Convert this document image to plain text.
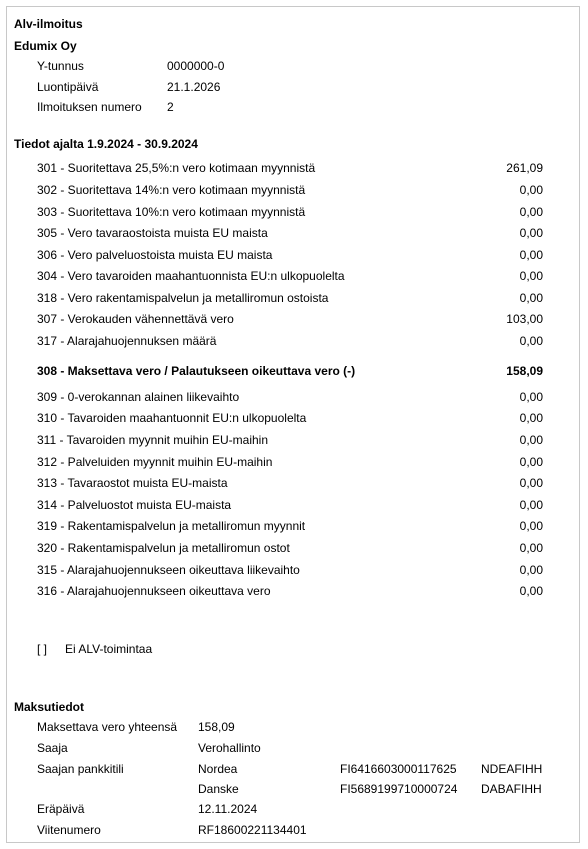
Alv-ilmoitus
Edumix Oy
Y-tunnus	0000000-0
Luontipäivä	21.1.2026
Ilmoituksen numero 2
Tiedot ajalta 1.9.2024 - 30.9.2024
301 - Suoritettava 25,5%:n vero kotimaan myynnistä	261,09
302 - Suoritettava 14%:n vero kotimaan myynnistä	0,00
303 - Suoritettava 10%:n vero kotimaan myynnistä	0,00
305 - Vero tavaraostoista muista EU maista	0,00
306 - Vero palveluostoista muista EU maista	0,00
304 - Vero tavaroiden maahantuonnista EU:n ulkopuolelta	0,00
318 - Vero rakentamispalvelun ja metalliromun ostoista	0,00
307 - Verokauden vähennettävä vero	103,00
317 - Alarajahuojennuksen määrä	0,00
308 - Maksettava vero / Palautukseen oikeuttava vero (-)	158,09
309 - 0-verokannan alainen liikevaihto	0,00
310 - Tavaroiden maahantuonnit EU:n ulkopuolelta	0,00
311 - Tavaroiden myynnit muihin EU-maihin	0,00
312 - Palveluiden myynnit muihin EU-maihin	0,00
313 - Tavaraostot muista EU-maista	0,00
314 - Palveluostot muista EU-maista	0,00
319 - Rakentamispalvelun ja metalliromun myynnit	0,00
320 - Rakentamispalvelun ja metalliromun ostot	0,00
315 - Alarajahuojennukseen oikeuttava liikevaihto	0,00
316 - Alarajahuojennukseen oikeuttava vero	0,00
[ ] Ei ALV-toimintaa
Maksutiedot
Maksettava vero yhteensä 158,09
Saaja	Verohallinto
Saajan pankkitili	Nordea	FI6416603000117625 NDEAFIHH
Danske	FI5689199710000724 DABAFIHH
Eräpäivä	12.11.2024
Viitenumero	RF18600221134401
